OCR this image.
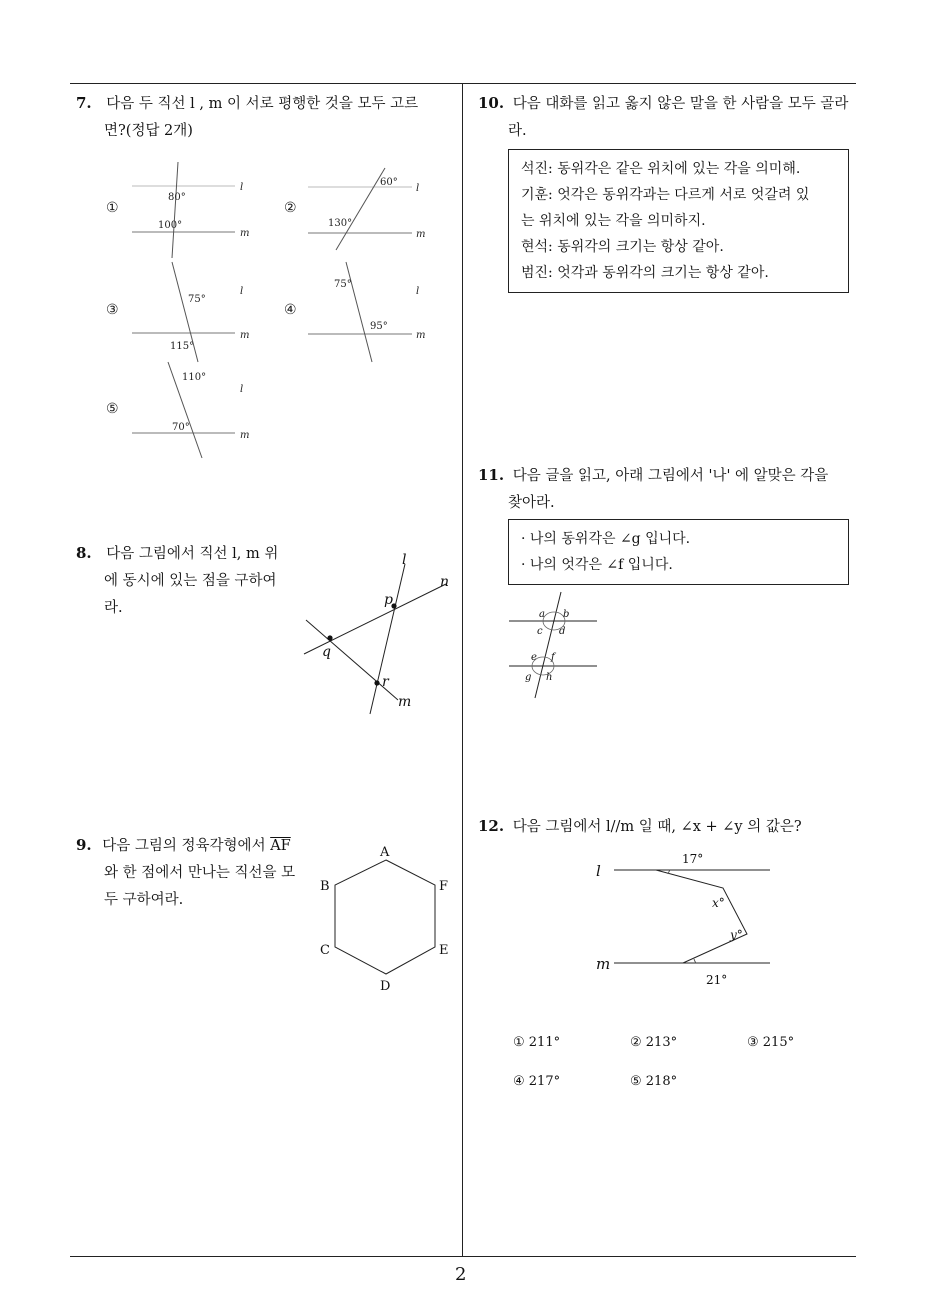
2
7. 다음 두 직선 l , m 이 서로 평행한 것을 모두 고르
면?(정답 2개)
①
80°
100°
l
m
②
60°
130°
l
m
③
75°
115°
l
m
④
75°
95°
l
m
⑤
110°
70°
l
m
8. 다음 그림에서 직선 l, m 위
에 동시에 있는 점을 구하여
라.
l
n
m
p
q
r
9. 다음 그림의 정육각형에서 $\overline{AF}$
와 한 점에서 만나는 직선을 모
두 구하여라.
A
B
C
D
E
F
10. 다음 대화를 읽고 옳지 않은 말을 한 사람을 모두 골라
라.
석진: 동위각은 같은 위치에 있는 각을 의미해.
기훈: 엇각은 동위각과는 다르게 서로 엇갈려 있
는 위치에 있는 각을 의미하지.
현석: 동위각의 크기는 항상 같아.
범진: 엇각과 동위각의 크기는 항상 같아.
11. 다음 글을 읽고, 아래 그림에서 '나' 에 알맞은 각을
찾아라.
· 나의 동위각은 ∠g 입니다.
· 나의 엇각은 ∠f 입니다.
a b
c d
e f
g h
12. 다음 그림에서 l//m 일 때, ∠x + ∠y 의 값은?
l
m
17°
x°
y°
21°
① 211°	② 213°	③ 215°
④ 217°	⑤ 218°
